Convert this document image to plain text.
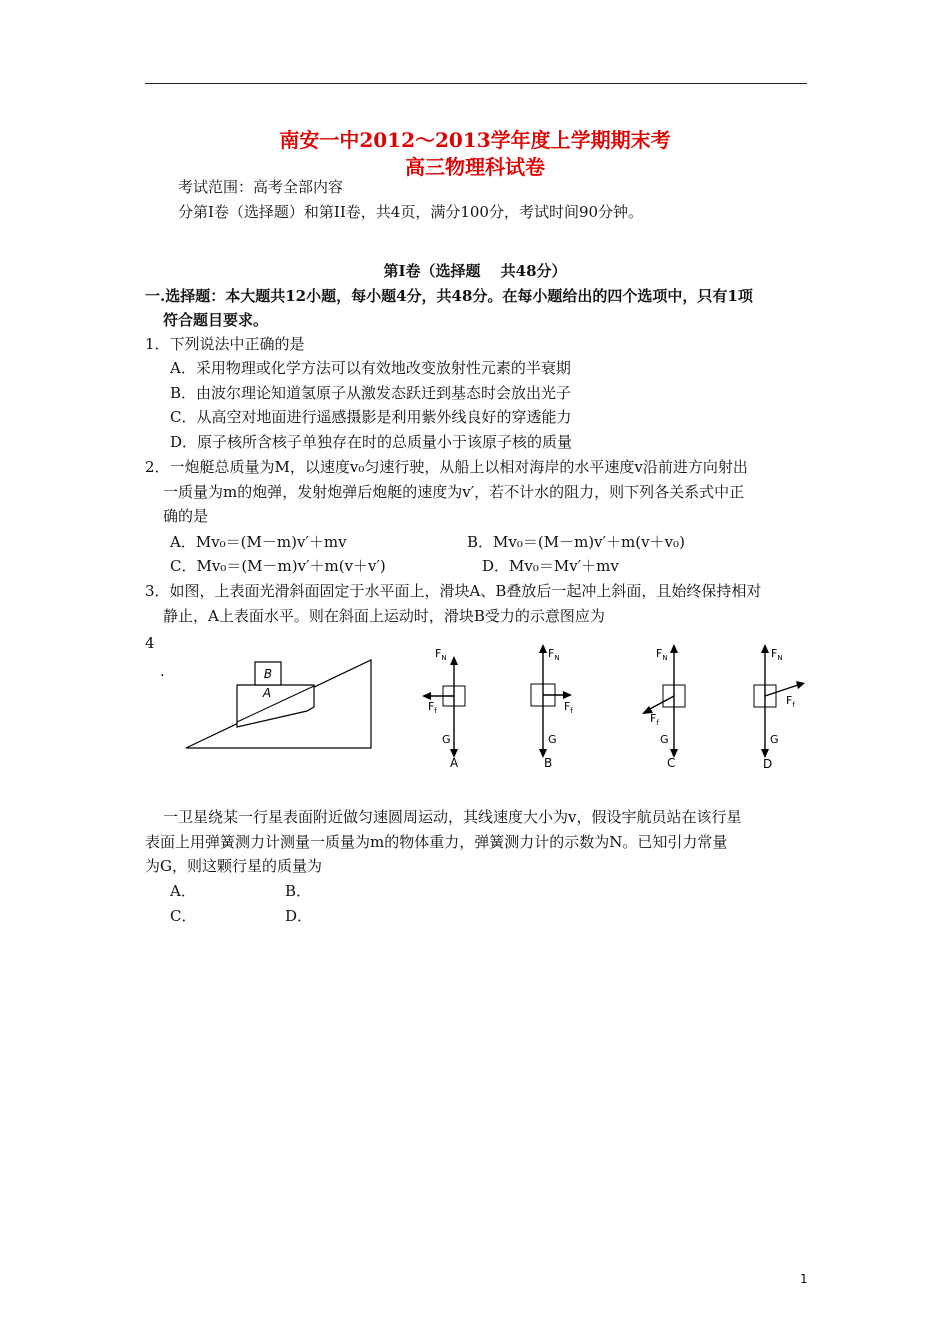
南安一中2012～2013学年度上学期期末考
高三物理科试卷
考试范围：高考全部内容
分第I卷（选择题）和第II卷，共4页，满分100分，考试时间90分钟。
第I卷（选择题　 共48分）
一.选择题：本大题共12小题，每小题4分，共48分。在每小题给出的四个选项中，只有1项
符合题目要求。
1．下列说法中正确的是
A．采用物理或化学方法可以有效地改变放射性元素的半衰期
B．由波尔理论知道氢原子从激发态跃迁到基态时会放出光子
C．从高空对地面进行遥感摄影是利用紫外线良好的穿透能力
D．原子核所含核子单独存在时的总质量小于该原子核的质量
2．一炮艇总质量为M，以速度v₀匀速行驶，从船上以相对海岸的水平速度v沿前进方向射出
一质量为m的炮弹，发射炮弹后炮艇的速度为v′，若不计水的阻力，则下列各关系式中正
确的是
A．Mv₀＝(M－m)v′＋mv	B．Mv₀＝(M－m)v′＋m(v＋v₀)
C．Mv₀＝(M－m)v′＋m(v＋v′)	D．Mv₀＝Mv′＋mv
3．如图，上表面光滑斜面固定于水平面上，滑块A、B叠放后一起冲上斜面，且始终保持相对
静止，A上表面水平。则在斜面上运动时，滑块B受力的示意图应为
4
.	B
A
$F_N$
$F_f$
G
A
$F_N$
$F_f$
G
B
$F_N$
$F_f$
G
C
$F_N$
$F_f$
G
D
一卫星绕某一行星表面附近做匀速圆周运动，其线速度大小为v，假设宇航员站在该行星
表面上用弹簧测力计测量一质量为m的物体重力，弹簧测力计的示数为N。已知引力常量
为G，则这颗行星的质量为
A．	B．
C．	D．
1
